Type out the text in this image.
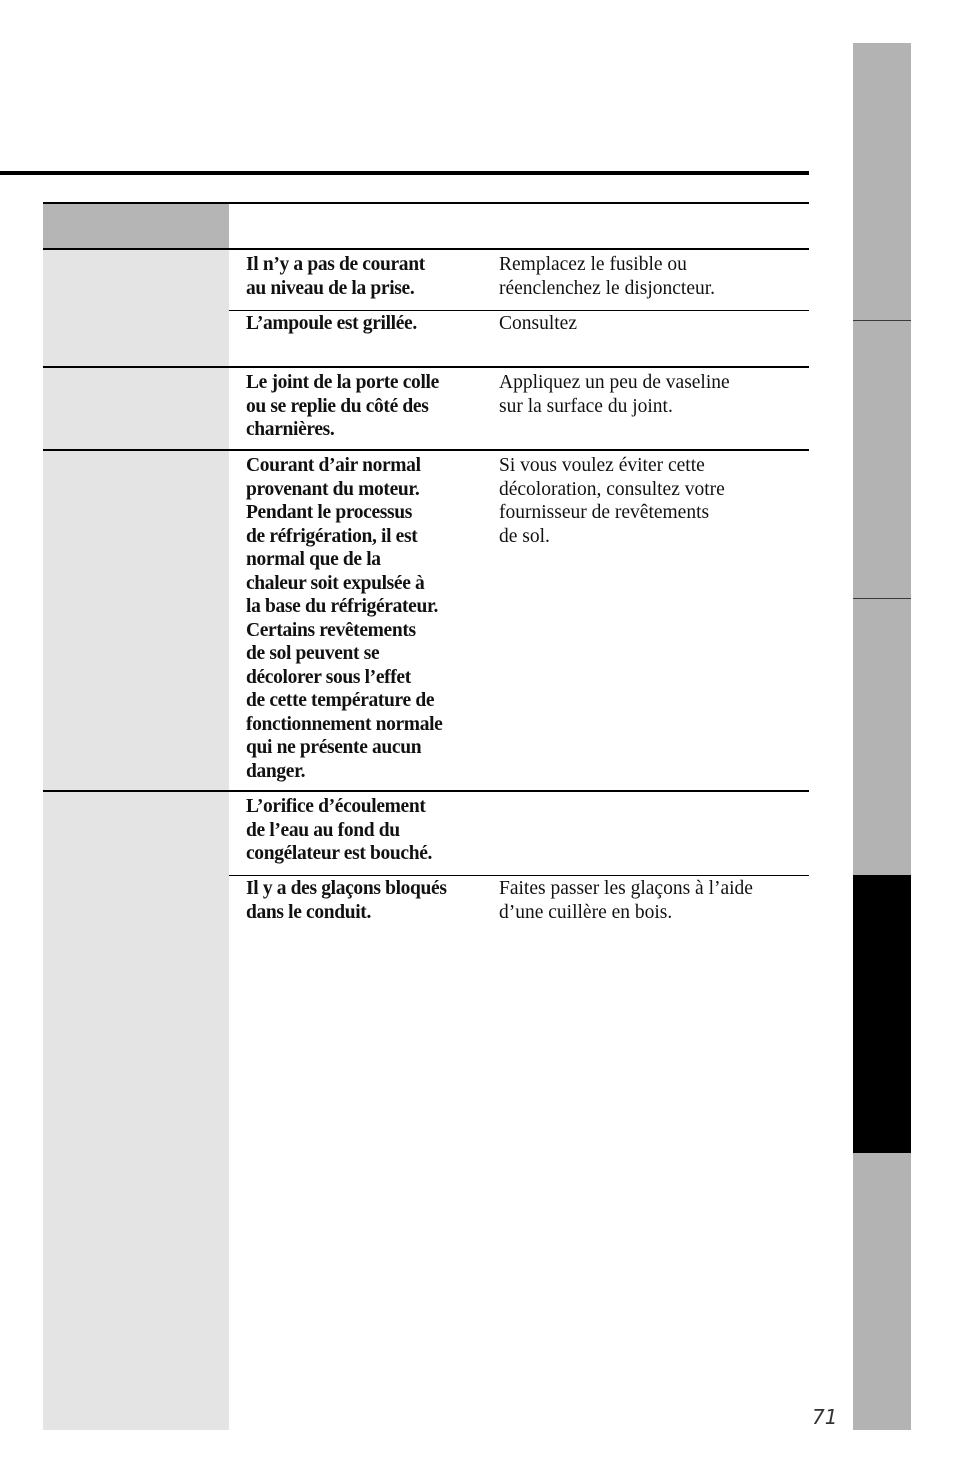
Il n’y a pas de courant
au niveau de la prise.
Remplacez le fusible ou
réenclenchez le disjoncteur.
L’ampoule est grillée.	Consultez
Le joint de la porte colle
ou se replie du côté des
charnières.
Appliquez un peu de vaseline
sur la surface du joint.
Courant d’air normal
provenant du moteur.
Pendant le processus
de réfrigération, il est
normal que de la
chaleur soit expulsée à
la base du réfrigérateur.
Certains revêtements
de sol peuvent se
décolorer sous l’effet
de cette température de
fonctionnement normale
qui ne présente aucun
danger.
Si vous voulez éviter cette
décoloration, consultez votre
fournisseur de revêtements
de sol.
L’orifice d’écoulement
de l’eau au fond du
congélateur est bouché.
Il y a des glaçons bloqués
dans le conduit.
Faites passer les glaçons à l’aide
d’une cuillère en bois.
71
